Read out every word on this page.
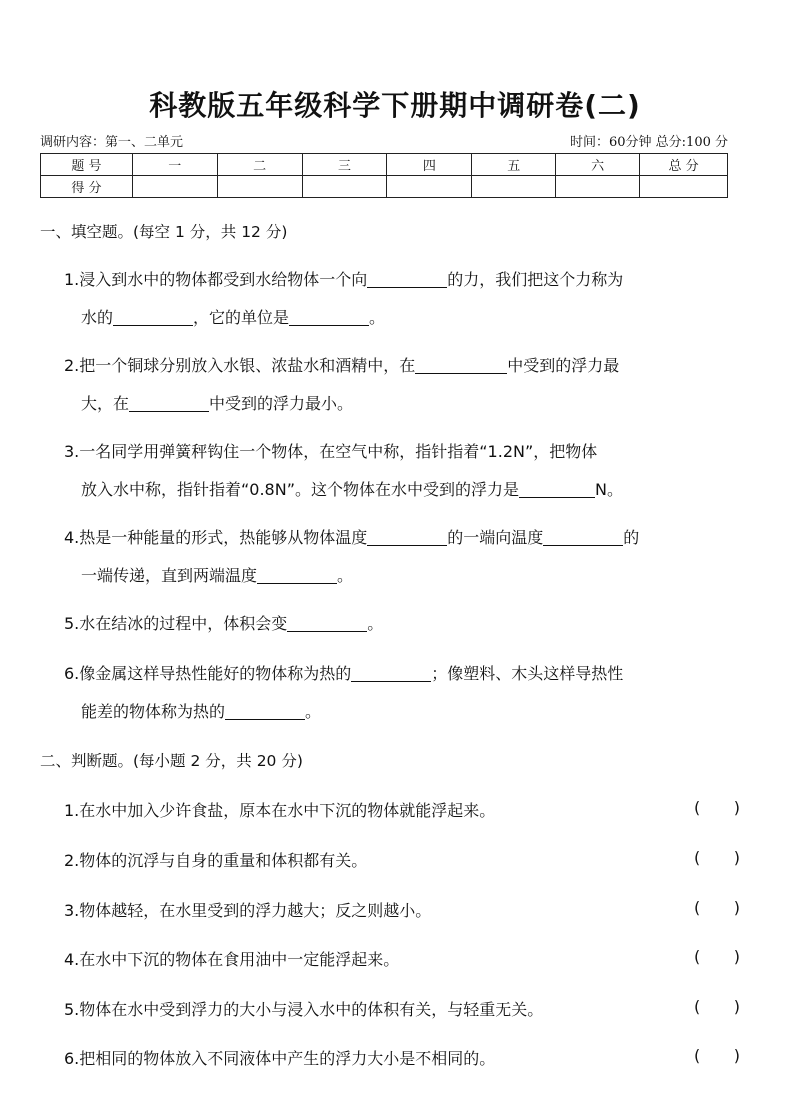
科教版五年级科学下册期中调研卷(二)
调研内容：第一、二单元	时间：60分钟 总分:100 分
题 号	一	二	三	四	五	六	总 分
得 分							
一、填空题。(每空 1 分，共 12 分)
1.浸入到水中的物体都受到水给物体一个向	的力，我们把这个力称为
水的	，它的单位是	。
2.把一个铜球分别放入水银、浓盐水和酒精中，在	中受到的浮力最
大，在	中受到的浮力最小。
3.一名同学用弹簧秤钩住一个物体，在空气中称，指针指着“1.2N”，把物体
放入水中称，指针指着“0.8N”。这个物体在水中受到的浮力是	N。
4.热是一种能量的形式，热能够从物体温度	的一端向温度	的
一端传递，直到两端温度	。
5.水在结冰的过程中，体积会变	。
6.像金属这样导热性能好的物体称为热的	；像塑料、木头这样导热性
能差的物体称为热的	。
二、判断题。(每小题 2 分，共 20 分)
1.在水中加入少许食盐，原本在水中下沉的物体就能浮起来。	( )
2.物体的沉浮与自身的重量和体积都有关。	( )
3.物体越轻，在水里受到的浮力越大；反之则越小。	( )
4.在水中下沉的物体在食用油中一定能浮起来。	( )
5.物体在水中受到浮力的大小与浸入水中的体积有关，与轻重无关。	( )
6.把相同的物体放入不同液体中产生的浮力大小是不相同的。	( )
